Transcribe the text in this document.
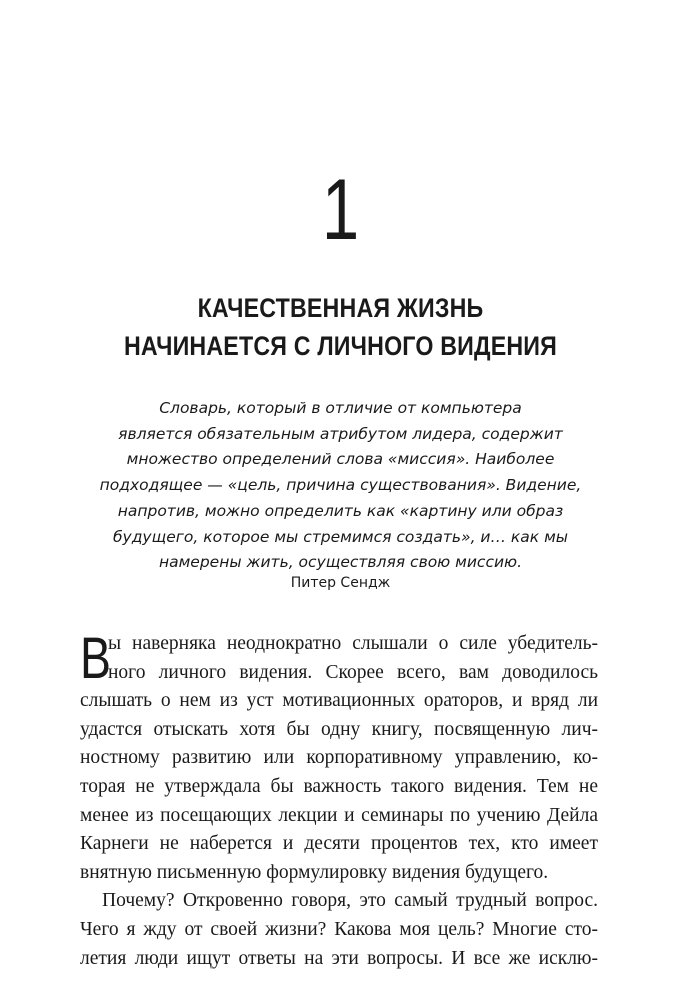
1
КАЧЕСТВЕННАЯ ЖИЗНЬ
НАЧИНАЕТСЯ С ЛИЧНОГО ВИДЕНИЯ
Словарь, который в отличие от компьютера
является обязательным атрибутом лидера, содержит
множество определений слова «миссия». Наиболее
подходящее — «цель, причина существования». Видение,
напротив, можно определить как «картину или образ
будущего, которое мы стремимся создать», и… как мы
намерены жить, осуществляя свою миссию.
Питер Сендж
В
ы наверняка неоднократно слышали о силе убедитель-
ного личного видения. Скорее всего, вам доводилось
слышать о нем из уст мотивационных ораторов, и вряд ли
удастся отыскать хотя бы одну книгу, посвященную лич-
ностному развитию или корпоративному управлению, ко-
торая не утверждала бы важность такого видения. Тем не
менее из посещающих лекции и семинары по учению Дейла
Карнеги не наберется и десяти процентов тех, кто имеет
внятную письменную формулировку видения будущего.
Почему? Откровенно говоря, это самый трудный вопрос.
Чего я жду от своей жизни? Какова моя цель? Многие сто-
летия люди ищут ответы на эти вопросы. И все же исклю-
